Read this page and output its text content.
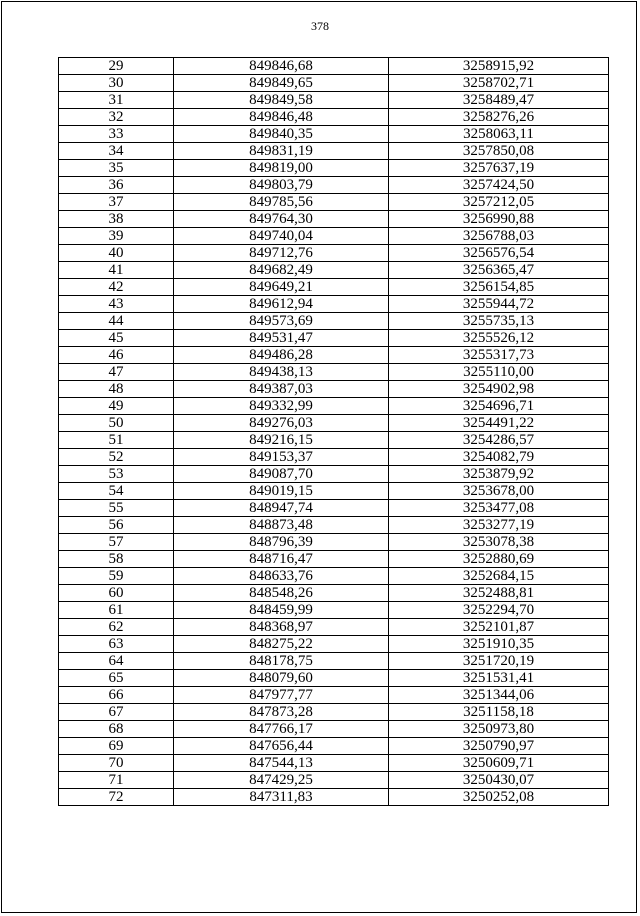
378
29	849846,68	3258915,92
30	849849,65	3258702,71
31	849849,58	3258489,47
32	849846,48	3258276,26
33	849840,35	3258063,11
34	849831,19	3257850,08
35	849819,00	3257637,19
36	849803,79	3257424,50
37	849785,56	3257212,05
38	849764,30	3256990,88
39	849740,04	3256788,03
40	849712,76	3256576,54
41	849682,49	3256365,47
42	849649,21	3256154,85
43	849612,94	3255944,72
44	849573,69	3255735,13
45	849531,47	3255526,12
46	849486,28	3255317,73
47	849438,13	3255110,00
48	849387,03	3254902,98
49	849332,99	3254696,71
50	849276,03	3254491,22
51	849216,15	3254286,57
52	849153,37	3254082,79
53	849087,70	3253879,92
54	849019,15	3253678,00
55	848947,74	3253477,08
56	848873,48	3253277,19
57	848796,39	3253078,38
58	848716,47	3252880,69
59	848633,76	3252684,15
60	848548,26	3252488,81
61	848459,99	3252294,70
62	848368,97	3252101,87
63	848275,22	3251910,35
64	848178,75	3251720,19
65	848079,60	3251531,41
66	847977,77	3251344,06
67	847873,28	3251158,18
68	847766,17	3250973,80
69	847656,44	3250790,97
70	847544,13	3250609,71
71	847429,25	3250430,07
72	847311,83	3250252,08
